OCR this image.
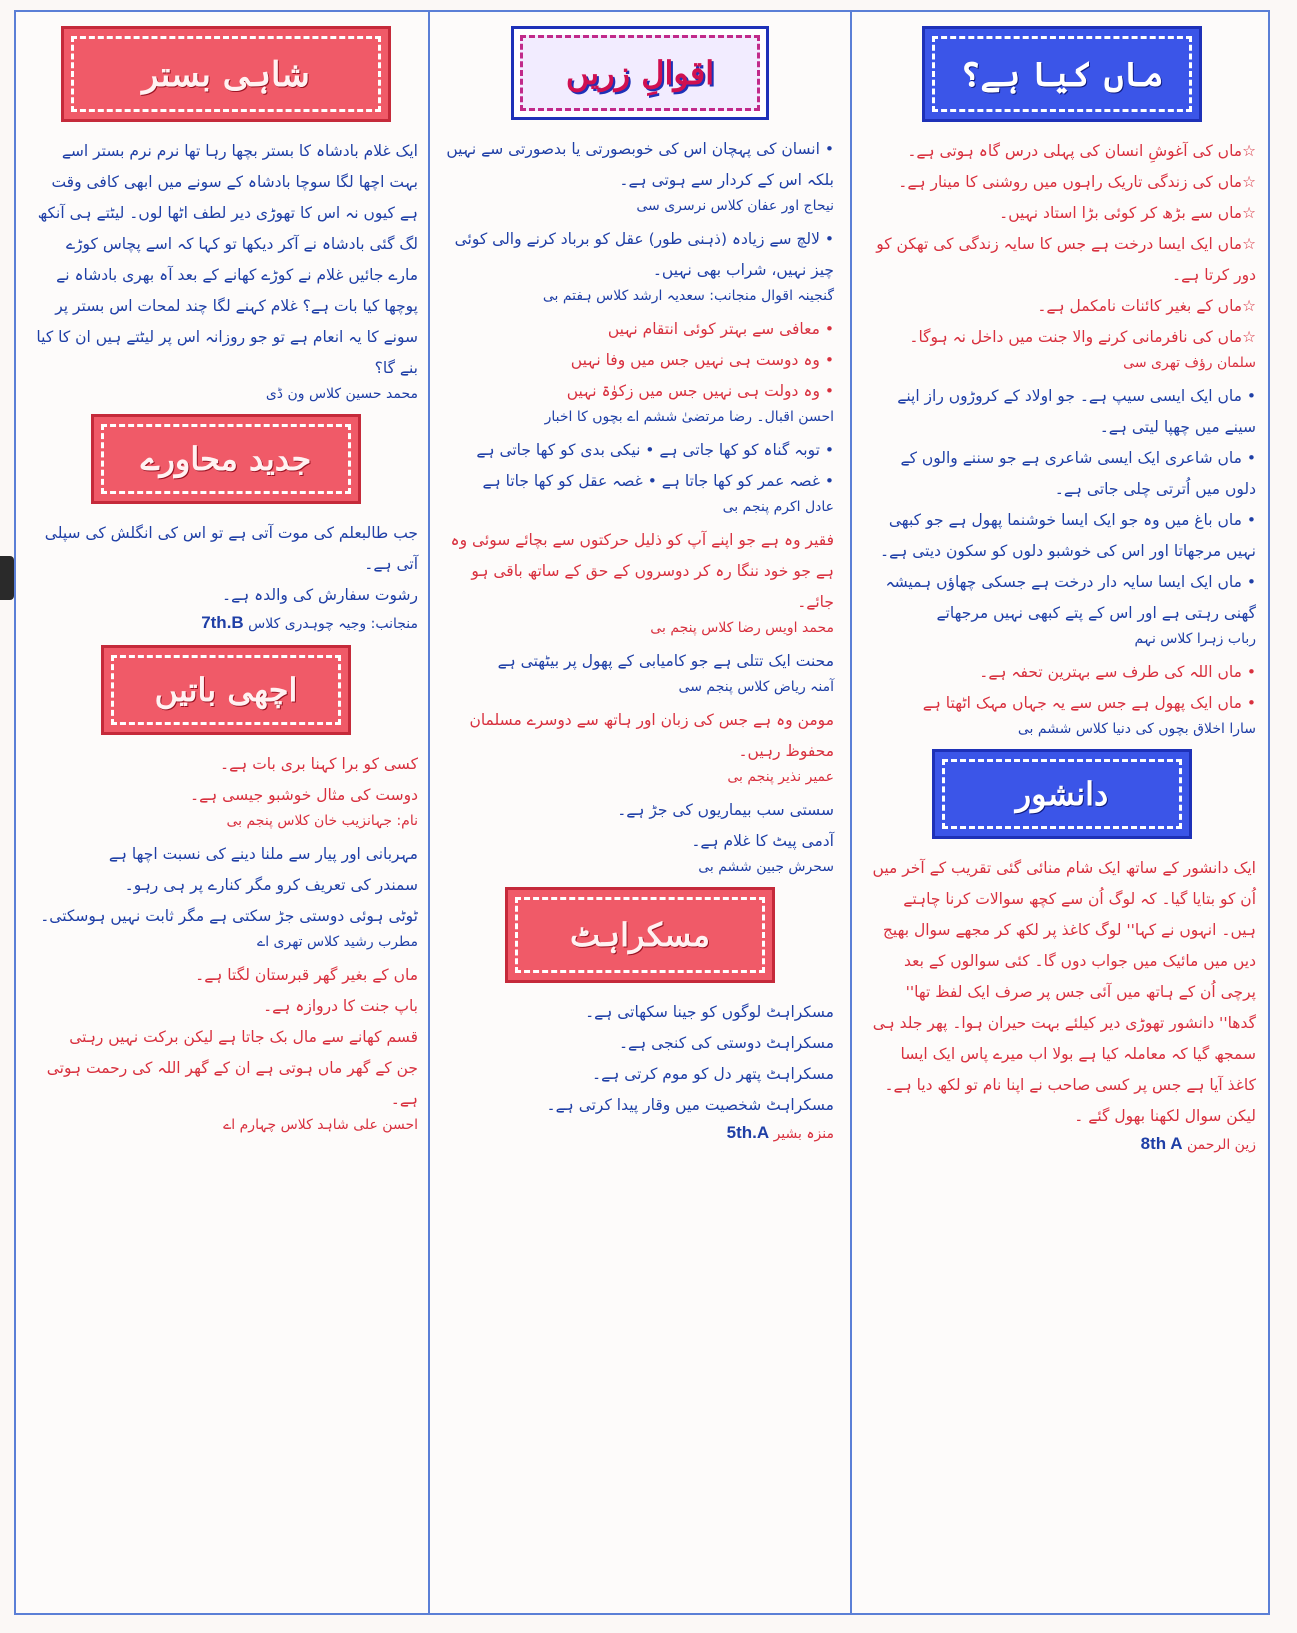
ماں کیا ہے؟

☆ماں کی آغوشِ انسان کی پہلی درس گاہ ہوتی ہے۔

☆ماں کی زندگی تاریک راہوں میں روشنی کا مینار ہے۔

☆ماں سے بڑھ کر کوئی بڑا استاد نہیں۔

☆ماں ایک ایسا درخت ہے جس کا سایہ زندگی کی تھکن کو دور کرتا ہے۔

☆ماں کے بغیر کائنات نامکمل ہے۔

☆ماں کی نافرمانی کرنے والا جنت میں داخل نہ ہوگا۔

سلمان رؤف تھری سی

• ماں ایک ایسی سیپ ہے۔ جو اولاد کے کروڑوں راز اپنے سینے میں چھپا لیتی ہے۔

• ماں شاعری ایک ایسی شاعری ہے جو سننے والوں کے دلوں میں اُترتی چلی جاتی ہے۔

• ماں باغ میں وہ جو ایک ایسا خوشنما پھول ہے جو کبھی نہیں مرجھاتا اور اس کی خوشبو دلوں کو سکون دیتی ہے۔

• ماں ایک ایسا سایہ دار درخت ہے جسکی چھاؤں ہمیشہ گھنی رہتی ہے اور اس کے پتے کبھی نہیں مرجھاتے

رباب زہرا کلاس نہم

• ماں اللہ کی طرف سے بہترین تحفہ ہے۔

• ماں ایک پھول ہے جس سے یہ جہاں مہک اٹھتا ہے

سارا اخلاق بچوں کی دنیا کلاس ششم بی
دانشور

ایک دانشور کے ساتھ ایک شام منائی گئی تقریب کے آخر میں اُن کو بتایا گیا۔ کہ لوگ اُن سے کچھ سوالات کرنا چاہتے ہیں۔ انہوں نے کہا'' لوگ کاغذ پر لکھ کر مجھے سوال بھیج دیں میں مائیک میں جواب دوں گا۔ کئی سوالوں کے بعد پرچی اُن کے ہاتھ میں آئی جس پر صرف ایک لفظ تھا'' گدھا'' دانشور تھوڑی دیر کیلئے بہت حیران ہوا۔ پھر جلد ہی سمجھ گیا کہ معاملہ کیا ہے بولا اب میرے پاس ایک ایسا کاغذ آیا ہے جس پر کسی صاحب نے اپنا نام تو لکھ دیا ہے۔ لیکن سوال لکھنا بھول گئے ۔

زین الرحمن 8th A
اقوالِ زریں

• انسان کی پہچان اس کی خوبصورتی یا بدصورتی سے نہیں بلکہ اس کے کردار سے ہوتی ہے۔

نیحاج اور عفان کلاس نرسری سی

• لالچ سے زیادہ (ذہنی طور) عقل کو برباد کرنے والی کوئی چیز نہیں، شراب بھی نہیں۔

گنجینہ اقوال منجانب: سعدیہ ارشد کلاس ہفتم بی

• معافی سے بہتر کوئی انتقام نہیں

• وہ دوست ہی نہیں جس میں وفا نہیں

• وہ دولت ہی نہیں جس میں زکوٰۃ نہیں

احسن اقبال۔ رضا مرتضیٰ ششم اے بچوں کا اخبار

• توبہ گناہ کو کھا جاتی ہے • نیکی بدی کو کھا جاتی ہے

• غصہ عمر کو کھا جاتا ہے • غصہ عقل کو کھا جاتا ہے

عادل اکرم پنجم بی

فقیر وہ ہے جو اپنے آپ کو ذلیل حرکتوں سے بچائے سوئی وہ ہے جو خود ننگا رہ کر دوسروں کے حق کے ساتھ باقی ہو جائے۔

محمد اویس رضا کلاس پنجم بی

محنت ایک تتلی ہے جو کامیابی کے پھول پر بیٹھتی ہے

آمنہ ریاض کلاس پنجم سی

مومن وہ ہے جس کی زبان اور ہاتھ سے دوسرے مسلمان محفوظ رہیں۔

عمیر نذیر پنجم بی

سستی سب بیماریوں کی جڑ ہے۔

آدمی پیٹ کا غلام ہے۔

سحرش جبین ششم بی
مسکراہٹ

مسکراہٹ لوگوں کو جینا سکھاتی ہے۔

مسکراہٹ دوستی کی کنجی ہے۔

مسکراہٹ پتھر دل کو موم کرتی ہے۔

مسکراہٹ شخصیت میں وقار پیدا کرتی ہے۔

منزہ بشیر 5th.A
شاہی بستر

ایک غلام بادشاہ کا بستر بچھا رہا تھا نرم نرم بستر اسے بہت اچھا لگا سوچا بادشاہ کے سونے میں ابھی کافی وقت ہے کیوں نہ اس کا تھوڑی دیر لطف اٹھا لوں۔ لیٹتے ہی آنکھ لگ گئی بادشاہ نے آکر دیکھا تو کہا کہ اسے پچاس کوڑے مارے جائیں غلام نے کوڑے کھانے کے بعد آہ بھری بادشاہ نے پوچھا کیا بات ہے؟ غلام کہنے لگا چند لمحات اس بستر پر سونے کا یہ انعام ہے تو جو روزانہ اس پر لیٹتے ہیں ان کا کیا بنے گا؟

محمد حسین کلاس ون ڈی
جدید محاورے

جب طالبعلم کی موت آتی ہے تو اس کی انگلش کی سپلی آتی ہے۔

رشوت سفارش کی والدہ ہے۔

منجانب: وجیہ چوہدری کلاس 7th.B
اچھی باتیں

کسی کو برا کہنا بری بات ہے۔

دوست کی مثال خوشبو جیسی ہے۔

نام: جہانزیب خان کلاس پنجم بی

مہربانی اور پیار سے ملنا دینے کی نسبت اچھا ہے

سمندر کی تعریف کرو مگر کنارے پر ہی رہو۔

ٹوٹی ہوئی دوستی جڑ سکتی ہے مگر ثابت نہیں ہوسکتی۔

مطرب رشید کلاس تھری اے

ماں کے بغیر گھر قبرستان لگتا ہے۔

باپ جنت کا دروازہ ہے۔

قسم کھانے سے مال بک جاتا ہے لیکن برکت نہیں رہتی

جن کے گھر ماں ہوتی ہے ان کے گھر اللہ کی رحمت ہوتی ہے۔

احسن علی شاہد کلاس چہارم اے
